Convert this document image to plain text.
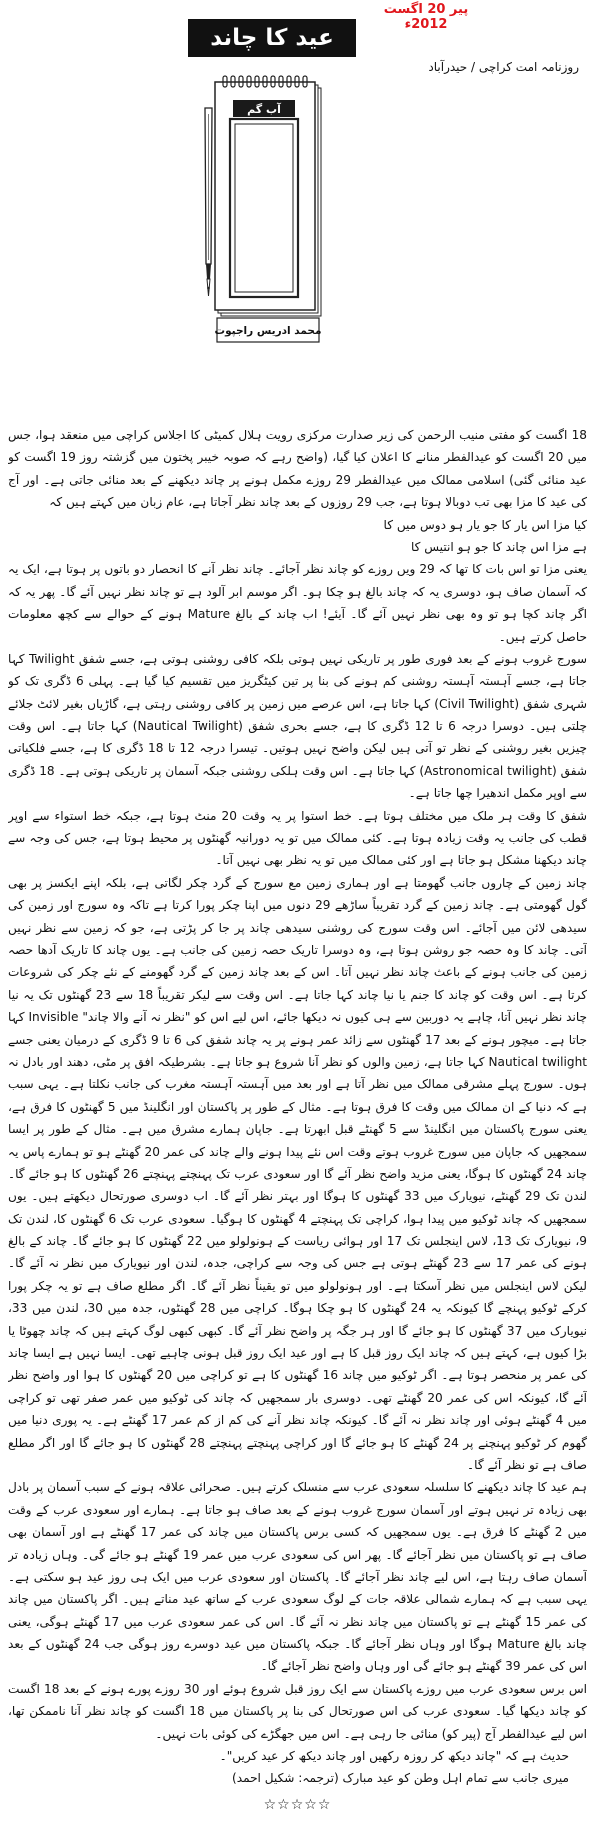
پیر 20 اگست 2012ء
عید کا چاند
روزنامہ امت کراچی / حیدرآباد
آب گم
محمد ادریس راجپوت

18 اگست کو مفتی منیب الرحمن کی زیر صدارت مرکزی رویت ہلال کمیٹی کا اجلاس کراچی میں منعقد ہوا، جس میں 20 اگست کو عیدالفطر منانے کا اعلان کیا گیا، (واضح رہے کہ صوبہ خیبر پختون میں گزشتہ روز 19 اگست کو عید منائی گئی) اسلامی ممالک میں عیدالفطر 29 روزے مکمل ہونے پر چاند دیکھنے کے بعد منائی جاتی ہے۔ اور آج کی عید کا مزا بھی تب دوبالا ہوتا ہے، جب 29 روزوں کے بعد چاند نظر آجاتا ہے، عام زبان میں کہتے ہیں کہ

کیا مزا اس یار کا جو یار ہو دوس میں کا

ہے مزا اس چاند کا جو ہو انتیس کا

یعنی مزا تو اس بات کا تھا کہ 29 ویں روزے کو چاند نظر آجائے۔ چاند نظر آنے کا انحصار دو باتوں پر ہوتا ہے، ایک یہ کہ آسمان صاف ہو، دوسری یہ کہ چاند بالغ ہو چکا ہو۔ اگر موسم ابر آلود ہے تو چاند نظر نہیں آئے گا۔ پھر یہ کہ اگر چاند کچا ہو تو وہ بھی نظر نہیں آئے گا۔ آیئے! اب چاند کے بالغ Mature ہونے کے حوالے سے کچھ معلومات حاصل کرتے ہیں۔

سورج غروب ہونے کے بعد فوری طور پر تاریکی نہیں ہوتی بلکہ کافی روشنی ہوتی ہے، جسے شفق Twilight کہا جاتا ہے، جسے آہستہ آہستہ روشنی کم ہونے کی بنا پر تین کیٹگریز میں تقسیم کیا گیا ہے۔ پہلی 6 ڈگری تک کو شہری شفق (Civil Twilight) کہا جاتا ہے، اس عرصے میں زمین پر کافی روشنی رہتی ہے، گاڑیاں بغیر لائٹ جلائے چلتی ہیں۔ دوسرا درجہ 6 تا 12 ڈگری کا ہے، جسے بحری شفق (Nautical Twilight) کہا جاتا ہے۔ اس وقت چیزیں بغیر روشنی کے نظر تو آتی ہیں لیکن واضح نہیں ہوتیں۔ تیسرا درجہ 12 تا 18 ڈگری کا ہے، جسے فلکیاتی شفق (Astronomical twilight) کہا جاتا ہے۔ اس وقت ہلکی روشنی جبکہ آسمان پر تاریکی ہوتی ہے۔ 18 ڈگری سے اوپر مکمل اندھیرا چھا جاتا ہے۔

شفق کا وقت ہر ملک میں مختلف ہوتا ہے۔ خط استوا پر یہ وقت 20 منٹ ہوتا ہے، جبکہ خط استواء سے اوپر قطب کی جانب یہ وقت زیادہ ہوتا ہے۔ کئی ممالک میں تو یہ دورانیہ گھنٹوں پر محیط ہوتا ہے، جس کی وجہ سے چاند دیکھنا مشکل ہو جاتا ہے اور کئی ممالک میں تو یہ نظر بھی نہیں آتا۔

چاند زمین کے چاروں جانب گھومتا ہے اور ہماری زمین مع سورج کے گرد چکر لگاتی ہے، بلکہ اپنے ایکسز پر بھی گول گھومتی ہے۔ چاند زمین کے گرد تقریباً ساڑھے 29 دنوں میں اپنا چکر پورا کرتا ہے تاکہ وہ سورج اور زمین کی سیدھی لائن میں آجائے۔ اس وقت سورج کی روشنی سیدھی چاند پر جا کر پڑتی ہے، جو کہ زمین سے نظر نہیں آتی۔ چاند کا وہ حصہ جو روشن ہوتا ہے، وہ دوسرا تاریک حصہ زمین کی جانب ہے۔ یوں چاند کا تاریک آدھا حصہ زمین کی جانب ہونے کے باعث چاند نظر نہیں آتا۔ اس کے بعد چاند زمین کے گرد گھومنے کے نئے چکر کی شروعات کرتا ہے۔ اس وقت کو چاند کا جنم یا نیا چاند کہا جاتا ہے۔ اس وقت سے لیکر تقریباً 18 سے 23 گھنٹوں تک یہ نیا چاند نظر نہیں آتا، چاہے یہ دوربین سے ہی کیوں نہ دیکھا جائے، اس لیے اس کو "نظر نہ آنے والا چاند" Invisible کہا جاتا ہے۔ میچور ہونے کے بعد 17 گھنٹوں سے زائد عمر ہونے پر یہ چاند شفق کی 6 تا 9 ڈگری کے درمیان یعنی جسے Nautical twilight کہا جاتا ہے، زمین والوں کو نظر آنا شروع ہو جاتا ہے۔ بشرطیکہ افق پر مٹی، دھند اور بادل نہ ہوں۔ سورج پہلے مشرقی ممالک میں نظر آتا ہے اور بعد میں آہستہ آہستہ مغرب کی جانب نکلتا ہے۔ یہی سبب ہے کہ دنیا کے ان ممالک میں وقت کا فرق ہوتا ہے۔ مثال کے طور پر پاکستان اور انگلینڈ میں 5 گھنٹوں کا فرق ہے، یعنی سورج پاکستان میں انگلینڈ سے 5 گھنٹے قبل ابھرتا ہے۔ جاپان ہمارے مشرق میں ہے۔ مثال کے طور پر ایسا سمجھیں کہ جاپان میں سورج غروب ہوتے وقت اس نئے پیدا ہونے والے چاند کی عمر 20 گھنٹے ہو تو ہمارے پاس یہ چاند 24 گھنٹوں کا ہوگا، یعنی مزید واضح نظر آئے گا اور سعودی عرب تک پہنچتے پہنچتے 26 گھنٹوں کا ہو جائے گا۔ لندن تک 29 گھنٹے، نیویارک میں 33 گھنٹوں کا ہوگا اور بہتر نظر آئے گا۔ اب دوسری صورتحال دیکھتے ہیں۔ یوں سمجھیں کہ چاند ٹوکیو میں پیدا ہوا، کراچی تک پہنچتے 4 گھنٹوں کا ہوگیا۔ سعودی عرب تک 6 گھنٹوں کا، لندن تک 9، نیویارک تک 13، لاس اینجلس تک 17 اور ہوائی ریاست کے ہونولولو میں 22 گھنٹوں کا ہو جائے گا۔ چاند کے بالغ ہونے کی عمر 17 سے 23 گھنٹے ہوتی ہے جس کی وجہ سے کراچی، جدہ، لندن اور نیویارک میں نظر نہ آئے گا۔ لیکن لاس اینجلس میں نظر آسکتا ہے۔ اور ہونولولو میں تو یقیناً نظر آئے گا۔ اگر مطلع صاف ہے تو یہ چکر پورا کرکے ٹوکیو پہنچے گا کیونکہ یہ 24 گھنٹوں کا ہو چکا ہوگا۔ کراچی میں 28 گھنٹوں، جدہ میں 30، لندن میں 33، نیویارک میں 37 گھنٹوں کا ہو جائے گا اور ہر جگہ پر واضح نظر آئے گا۔ کبھی کبھی لوگ کہتے ہیں کہ چاند چھوٹا یا بڑا کیوں ہے، کہتے ہیں کہ چاند ایک روز قبل کا ہے اور عید ایک روز قبل ہونی چاہیے تھی۔ ایسا نہیں ہے ایسا چاند کی عمر پر منحصر ہوتا ہے۔ اگر ٹوکیو میں چاند 16 گھنٹوں کا ہے تو کراچی میں 20 گھنٹوں کا ہوا اور واضح نظر آئے گا، کیونکہ اس کی عمر 20 گھنٹے تھی۔ دوسری بار سمجھیں کہ چاند کی ٹوکیو میں عمر صفر تھی تو کراچی میں 4 گھنٹے ہوئی اور چاند نظر نہ آئے گا۔ کیونکہ چاند نظر آنے کی کم از کم عمر 17 گھنٹے ہے۔ یہ پوری دنیا میں گھوم کر ٹوکیو پہنچنے پر 24 گھنٹے کا ہو جائے گا اور کراچی پہنچتے پہنچتے 28 گھنٹوں کا ہو جائے گا اور اگر مطلع صاف ہے تو نظر آئے گا۔

ہم عید کا چاند دیکھنے کا سلسلہ سعودی عرب سے منسلک کرتے ہیں۔ صحرائی علاقہ ہونے کے سبب آسمان پر بادل بھی زیادہ تر نہیں ہوتے اور آسمان سورج غروب ہونے کے بعد صاف ہو جاتا ہے۔ ہمارے اور سعودی عرب کے وقت میں 2 گھنٹے کا فرق ہے۔ یوں سمجھیں کہ کسی برس پاکستان میں چاند کی عمر 17 گھنٹے ہے اور آسمان بھی صاف ہے تو پاکستان میں نظر آجائے گا۔ پھر اس کی سعودی عرب میں عمر 19 گھنٹے ہو جائے گی۔ وہاں زیادہ تر آسمان صاف رہتا ہے، اس لیے چاند نظر آجائے گا۔ پاکستان اور سعودی عرب میں ایک ہی روز عید ہو سکتی ہے۔ یہی سبب ہے کہ ہمارے شمالی علاقہ جات کے لوگ سعودی عرب کے ساتھ عید مناتے ہیں۔ اگر پاکستان میں چاند کی عمر 15 گھنٹے ہے تو پاکستان میں چاند نظر نہ آئے گا۔ اس کی عمر سعودی عرب میں 17 گھنٹے ہوگی، یعنی چاند بالغ Mature ہوگا اور وہاں نظر آجائے گا۔ جبکہ پاکستان میں عید دوسرے روز ہوگی جب 24 گھنٹوں کے بعد اس کی عمر 39 گھنٹے ہو جائے گی اور وہاں واضح نظر آجائے گا۔

اس برس سعودی عرب میں روزے پاکستان سے ایک روز قبل شروع ہوئے اور 30 روزے پورے ہونے کے بعد 18 اگست کو چاند دیکھا گیا۔ سعودی عرب کی اس صورتحال کی بنا پر پاکستان میں 18 اگست کو چاند نظر آنا ناممکن تھا، اس لیے عیدالفطر آج (پیر کو) منائی جا رہی ہے۔ اس میں جھگڑے کی کوئی بات نہیں۔

حدیث ہے کہ "چاند دیکھ کر روزہ رکھیں اور چاند دیکھ کر عید کریں"۔

میری جانب سے تمام اہل وطن کو عید مبارک (ترجمہ: شکیل احمد)

☆☆☆☆☆
